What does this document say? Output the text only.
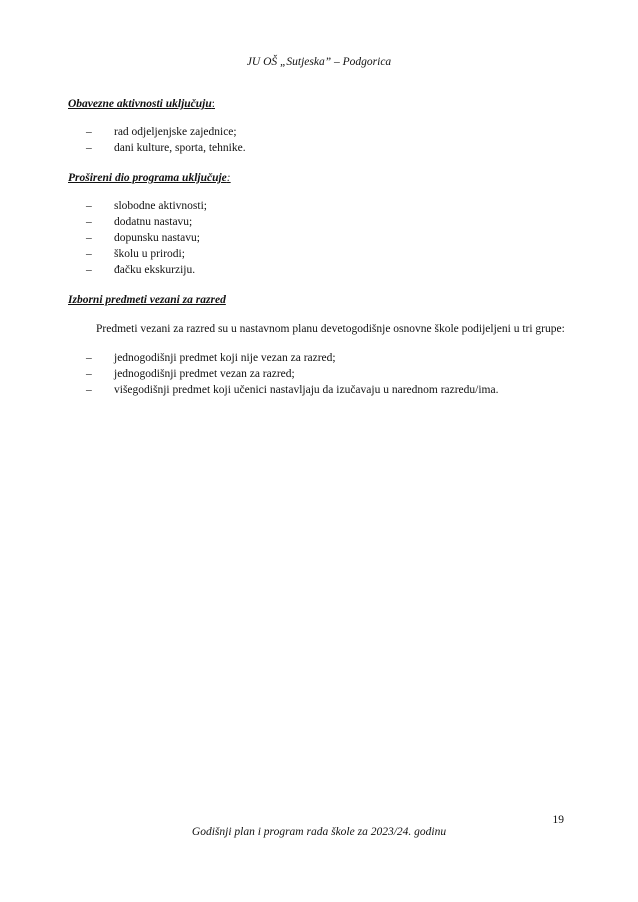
JU OŠ „Sutjeska” – Podgorica
Obavezne aktivnosti uključuju:
– rad odjeljenjske zajednice;
– dani kulture, sporta, tehnike.
Prošireni dio programa uključuje:
– slobodne aktivnosti;
– dodatnu nastavu;
– dopunsku nastavu;
– školu u prirodi;
– đačku ekskurziju.
Izborni predmeti vezani za razred

Predmeti vezani za razred su u nastavnom planu devetogodišnje osnovne škole podijeljeni u tri grupe:

– jednogodišnji predmet koji nije vezan za razred;
– jednogodišnji predmet vezan za razred;
– višegodišnji predmet koji učenici nastavljaju da izučavaju u narednom razredu/ima.
19
Godišnji plan i program rada škole za 2023/24. godinu
